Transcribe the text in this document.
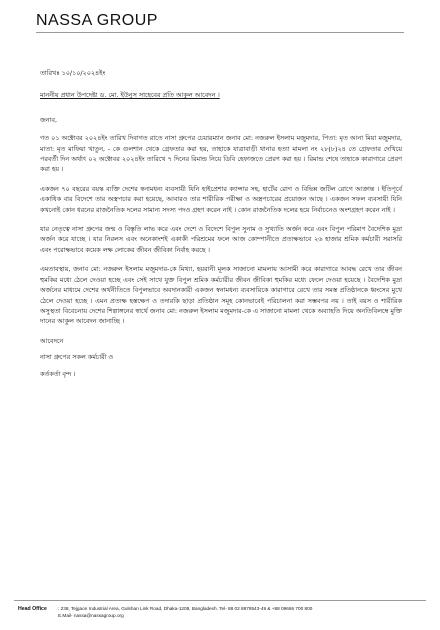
NASSA GROUP

তারিখঃ ১০/১০/২০২৪ইং

মাননীয় প্রধান উপদেষ্টা ড. মো. ইউনুস সাহেবের প্রতি আকুল আবেদন ।

জনাব,

গত ০১ অক্টোবর ২০২৪ইং তারিখ দিবাগত রাতে নাসা গ্রুপের চেয়ারম্যান জনাব মো: নজরুল ইসলাম মজুমদার, পিতা: মৃত আনা মিয়া মজুমদার, মাতা: মৃত মাফিয়া খাতুন, - কে গুলশান থেকে গ্রেফতার করা হয়, তাহাকে যাত্রাবাড়ী থানার হত্যা মামলা নং ২৮(৮)২৪ তে গ্রেফতার দেখিয়ে পরবর্তী দিন অর্থাৎ ০২ অক্টোবর ২০২৪ইং তারিখে ৭ দিনের রিমান্ড নিয়ে ডিবি হেফাজতে প্রেরণ করা হয় । রিমান্ড শেষে তাহাকে কারাগারে প্রেরণ করা হয় ।

একজন ৭০ বছরের বয়স্ক ব্যক্তি দেশের স্বনামধন্য ব্যবসায়ী যিনি হাইপ্রেশার ক্যান্সার সহ, হার্টের রোগ ও বিভিন্ন জটিল রোগে আক্রান্ত । ইতিপূর্বে একাধিক বার বিদেশে তার অস্ত্রপচার করা হয়েছে, আবারও তার শারীরিক পরীক্ষা ও অস্ত্রপচারের প্রয়োজন আছে । একজন সফল ব্যবসায়ী যিনি কখনোই কোন ধরনের রাজনৈতিক দলের সামান্য সদস্য পদও গ্রহণ করেন নাই । কোন রাজনৈতিক দলের হয়ে নির্বাচনেও অংশগ্রহণ করেন নাই ।

যার নেতৃত্বে নাসা গ্রুপের জন্ম ও বিস্তৃতি লাভ করে এবং দেশে ও বিদেশে বিপুল সুনাম ও সুখ্যাতি অর্জন করে এবং বিপুল পরিমাণ বৈদেশিক মুদ্রা অর্জন করে যাচ্ছে । যার নিরলস এবং অনেকাংশই একাকী পরিশ্রমের ফলে আজ কোম্পানীতে প্রত্যক্ষভাবে ২৬ হাজার শ্রমিক কর্মচারী সরাসরি এবং পরোক্ষভাবে কয়েক লক্ষ লোকের জীবন জীবিকা নির্বাহ করছে ।

এমতাবস্থায়, জনাব মো: নজরুল ইসলাম মজুমদার-কে মিথ্যা, হয়রানী মূলক সাজানো মামলায় আসামী করে কারাগারে আবদ্ধ রেখে তার জীবন হুমকির মধ্যে ঠেলে দেওয়া হচ্ছে এবং সেই সাথে যুক্ত বিপুল শ্রমিক কর্মচারীর জীবন জীবিকা হুমকির মধ্যে ফেলে দেওয়া হয়েছে । বৈদেশিক মুদ্রা অর্জনের মাধ্যমে দেশের অর্থনীতিতে বিপুলভাবে অবদানকারী একজন স্বনামধন্য ব্যবসায়িকে কারাগারে রেখে তার সমস্ত প্রতিষ্ঠানকে ধ্বংসের মুখে ঠেলে দেওয়া হচ্ছে । এমন প্রত্যক্ষ হস্তক্ষেপ ও তদারকি ছাড়া প্রতিষ্ঠান সমূহ কোনভাবেই পরিচালনা করা সম্ভবপর নয় । তাই বয়স ও শারীরিক অসুস্থতা বিবেচনায় দেশের শিল্পাঙ্গনের স্বার্থে জনাব মো: নজরুল ইসলাম মজুমদার-কে এ সাজানো মামলা থেকে অব্যাহতি দিয়ে অনতিবিলম্বে মুক্তি দানের আকুল আবেদন জানাচ্ছি ।

আবেদনে

নাসা গ্রুপের সকল কর্মচারী ও

কর্তকর্তা বৃন্দ ।

Head Office : 238, Tejgaon Industrial Area, Gulshan Link Road, Dhaka-1208, Bangladesh. Tel- 88 02 8878543-49 & +88 09666 700 800
E.Mail- nassa@nassagroup.org
